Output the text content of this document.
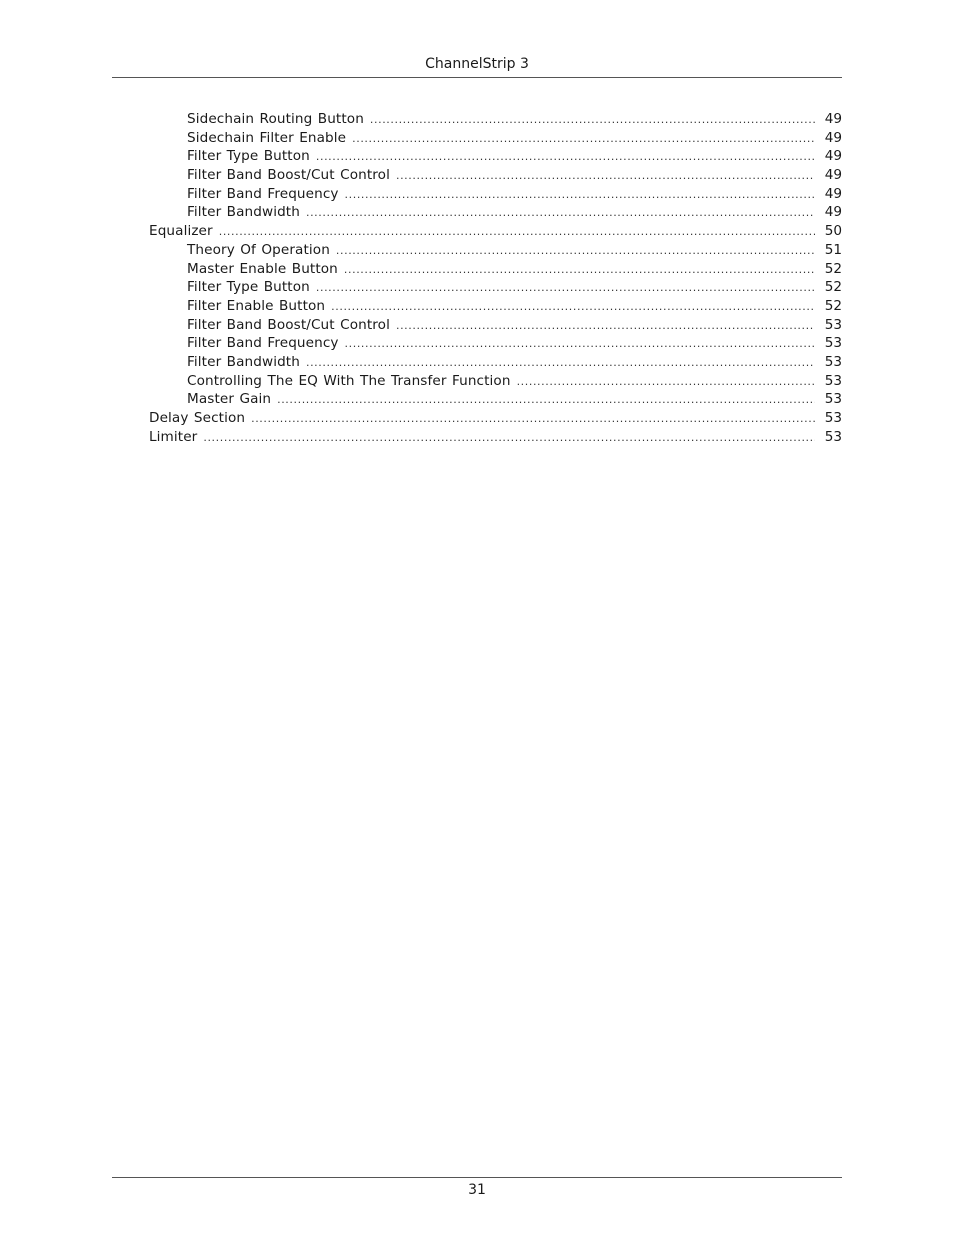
ChannelStrip 3
Sidechain Routing Button .....	49
Sidechain Filter Enable .....	49
Filter Type Button .....	49
Filter Band Boost/Cut Control .....	49
Filter Band Frequency .....	49
Filter Bandwidth .....	49
Equalizer .....	50
Theory Of Operation .....	51
Master Enable Button .....	52
Filter Type Button .....	52
Filter Enable Button .....	52
Filter Band Boost/Cut Control .....	53
Filter Band Frequency .....	53
Filter Bandwidth .....	53
Controlling The EQ With The Transfer Function .....	53
Master Gain .....	53
Delay Section .....	53
Limiter .....	53
31
